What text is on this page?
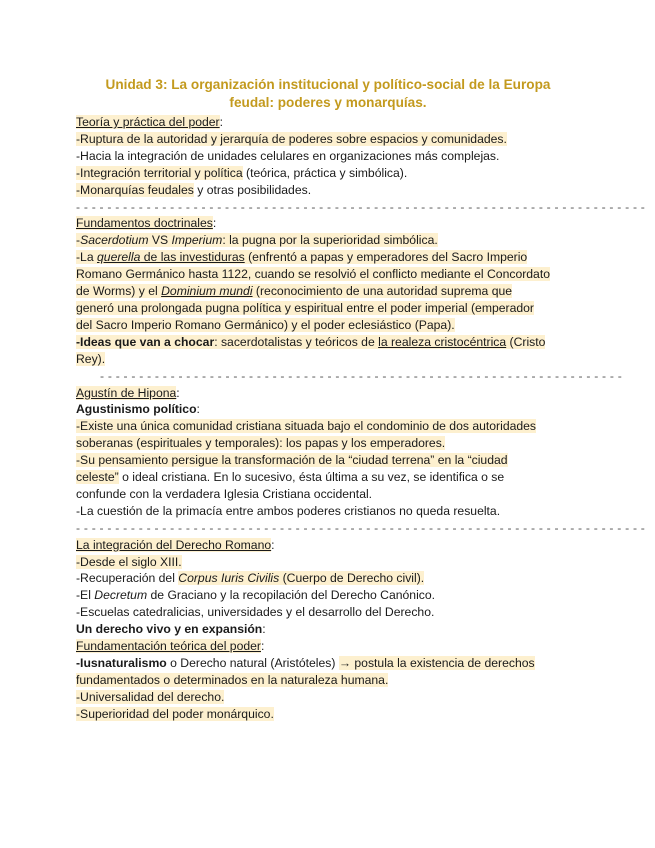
Unidad 3: La organización institucional y político-social de la Europa
feudal: poderes y monarquías.
Teoría y práctica del poder:
-Ruptura de la autoridad y jerarquía de poderes sobre espacios y comunidades.
-Hacia la integración de unidades celulares en organizaciones más complejas.
-Integración territorial y política (teórica, práctica y simbólica).
-Monarquías feudales y otras posibilidades.
- - - - - - - - - - - - - - - - - - - - - - - - - - - - - - - - - - - - - - - - - - - - - - - - - - - - - - - - - - - - - - - - - - - - - - - - -
Fundamentos doctrinales:
-Sacerdotium VS Imperium: la pugna por la superioridad simbólica.
-La querella de las investiduras (enfrentó a papas y emperadores del Sacro Imperio
Romano Germánico hasta 1122, cuando se resolvió el conflicto mediante el Concordato
de Worms) y el Dominium mundi (reconocimiento de una autoridad suprema que
generó una prolongada pugna política y espiritual entre el poder imperial (emperador
del Sacro Imperio Romano Germánico) y el poder eclesiástico (Papa).
-Ideas que van a chocar: sacerdotalistas y teóricos de la realeza cristocéntrica (Cristo
Rey).
- - - - - - - - - - - - - - - - - - - - - - - - - - - - - - - - - - - - - - - - - - - - - - - - - - - - - - - - - - - - - - - - - - -
Agustín de Hipona:
Agustinismo político:
-Existe una única comunidad cristiana situada bajo el condominio de dos autoridades
soberanas (espirituales y temporales): los papas y los emperadores.
-Su pensamiento persigue la transformación de la “ciudad terrena” en la “ciudad
celeste” o ideal cristiana. En lo sucesivo, ésta última a su vez, se identifica o se
confunde con la verdadera Iglesia Cristiana occidental.
-La cuestión de la primacía entre ambos poderes cristianos no queda resuelta.
- - - - - - - - - - - - - - - - - - - - - - - - - - - - - - - - - - - - - - - - - - - - - - - - - - - - - - - - - - - - - - - - - - - - - - - - -
La integración del Derecho Romano:
-Desde el siglo XIII.
-Recuperación del Corpus Iuris Civilis (Cuerpo de Derecho civil).
-El Decretum de Graciano y la recopilación del Derecho Canónico.
-Escuelas catedralicias, universidades y el desarrollo del Derecho.
Un derecho vivo y en expansión:
Fundamentación teórica del poder:
-Iusnaturalismo o Derecho natural (Aristóteles) → postula la existencia de derechos
fundamentados o determinados en la naturaleza humana.
-Universalidad del derecho.
-Superioridad del poder monárquico.
